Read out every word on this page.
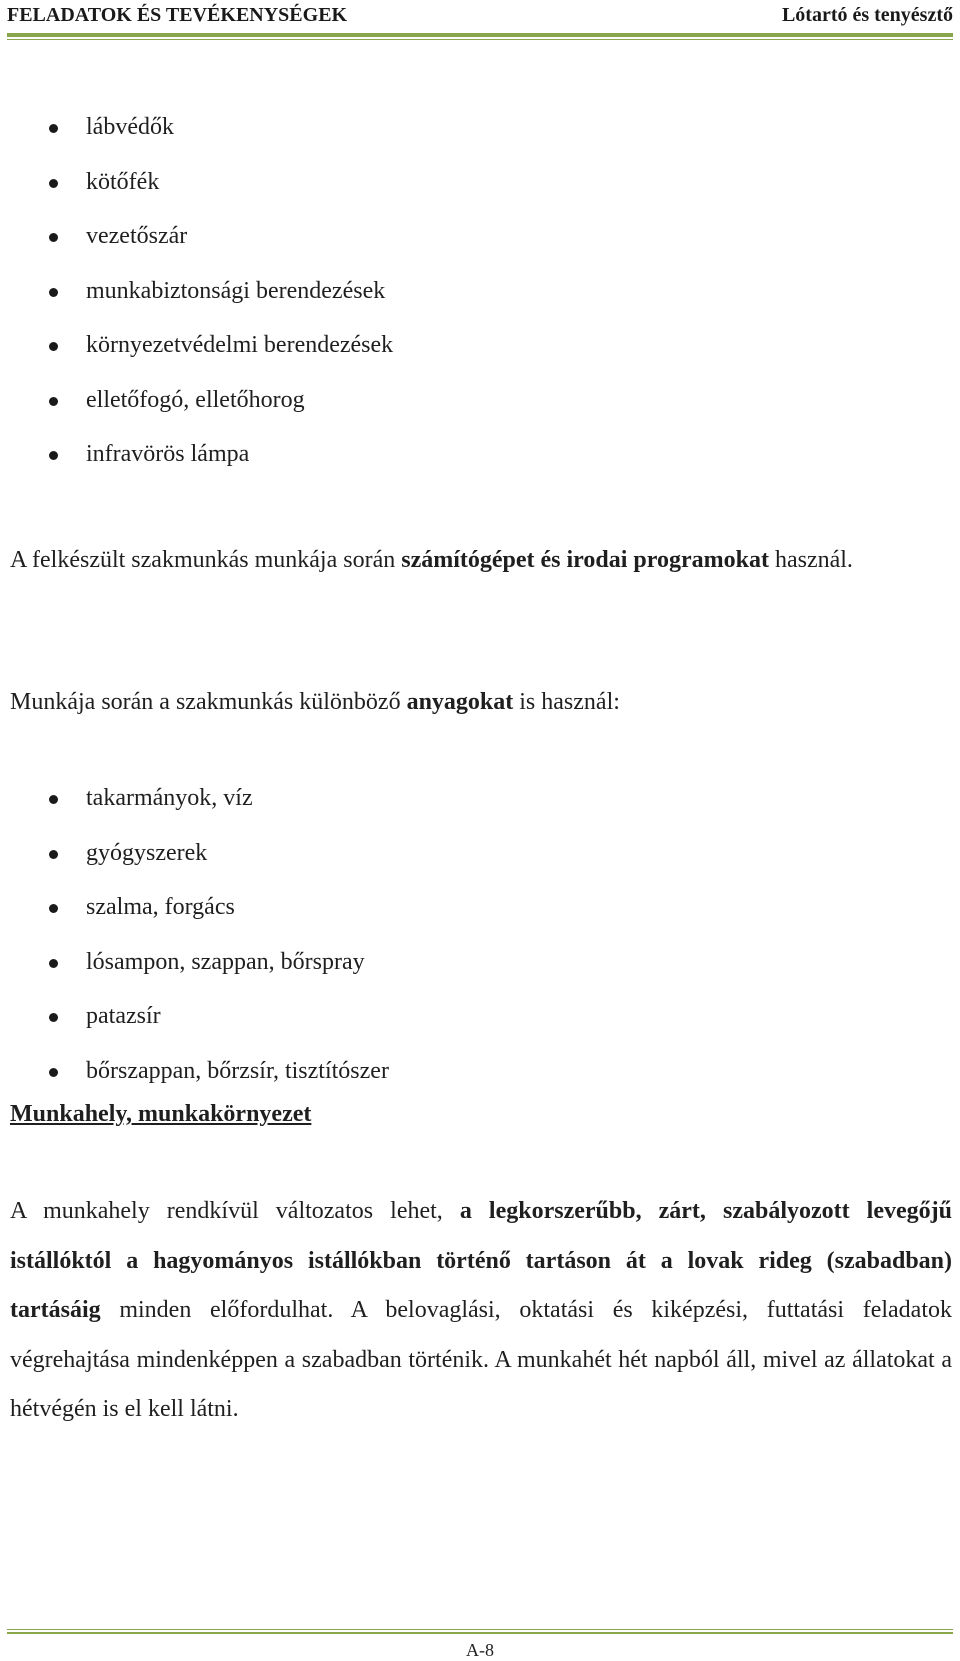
FELADATOK ÉS TEVÉKENYSÉGEK	Lótartó és tenyésztő
lábvédők
kötőfék
vezetőszár
munkabiztonsági berendezések
környezetvédelmi berendezések
elletőfogó, elletőhorog
infravörös lámpa

A felkészült szakmunkás munkája során számítógépet és irodai programokat használ.

Munkája során a szakmunkás különböző anyagokat is használ:

takarmányok, víz
gyógyszerek
szalma, forgács
lósampon, szappan, bőrspray
patazsír
bőrszappan, bőrzsír, tisztítószer
Munkahely, munkakörnyezet

A munkahely rendkívül változatos lehet, a legkorszerűbb, zárt, szabályozott levegőjű istállóktól a hagyományos istállókban történő tartáson át a lovak rideg (szabadban) tartásáig minden előfordulhat. A belovaglási, oktatási és kiképzési, futtatási feladatok végrehajtása mindenképpen a szabadban történik. A munkahét hét napból áll, mivel az állatokat a hétvégén is el kell látni.

A-8
